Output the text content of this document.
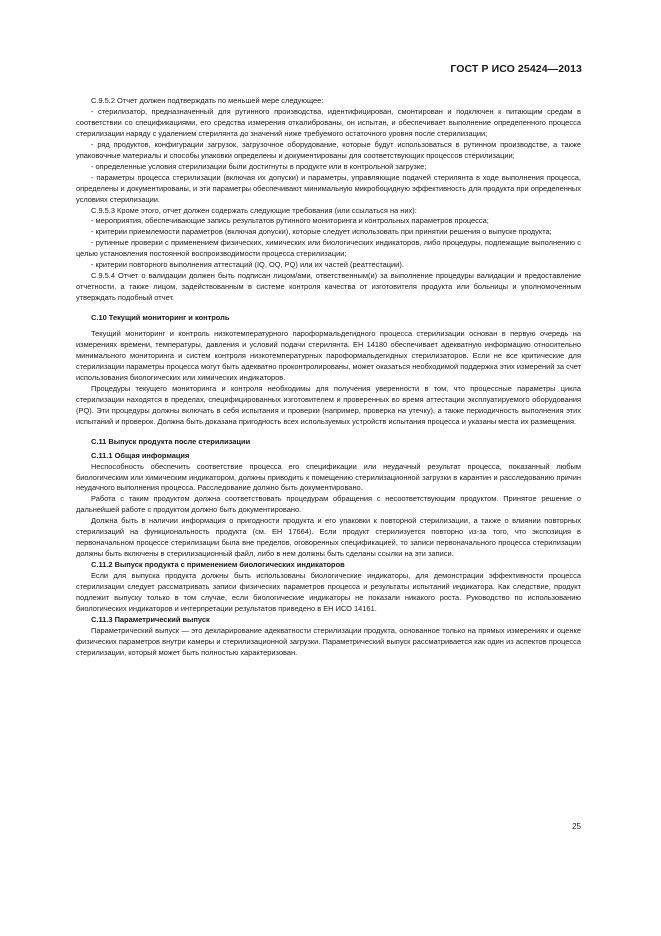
ГОСТ Р ИСО 25424—2013

С.9.5.2 Отчет должен подтверждать по меньшей мере следующее:

- стерилизатор, предназначенный для рутинного производства, идентифицирован, смонтирован и подключен к питающим средам в соответствии со спецификациями, его средства измерения откалиброваны, он испытан, и обеспечивает выполнение определенного процесса стерилизации наряду с удалением стерилянта до значений ниже требуемого остаточного уровня после стерилизации;

- ряд продуктов, конфигурации загрузок, загрузочное оборудование, которые будут использоваться в рутинном производстве, а также упаковочные материалы и способы упаковки определены и документированы для соответствующих процессов стерилизации;

- определенные условия стерилизации были достигнуты в продукте или в контрольной загрузке;

- параметры процесса стерилизации (включая их допуски) и параметры, управляющие подачей стерилянта в ходе выполнения процесса, определены и документированы, и эти параметры обеспечивают минимальную микробоцидную эффективность для продукта при определенных условиях стерилизации.

С.9.5.3 Кроме этого, отчет должен содержать следующие требования (или ссылаться на них):

- мероприятия, обеспечивающие запись результатов рутинного мониторинга и контрольных параметров процесса;

- критерии приемлемости параметров (включая допуски), которые следует использовать при принятии решения о выпуске продукта;

- рутинные проверки с применением физических, химических или биологических индикаторов, либо процедуры, подлежащие выполнению с целью установления постоянной воспроизводимости процесса стерилизации;

- критерии повторного выполнения аттестаций (IQ, OQ, PQ) или их частей (реаттестации).

С.9.5.4 Отчет о валидации должен быть подписан лицом/ами, ответственным(и) за выполнение процедуры валидации и предоставление отчетности, а также лицом, задействованным в системе контроля качества от изготовителя продукта или больницы и уполномоченным утверждать подобный отчет.

С.10 Текущий мониторинг и контроль

Текущий мониторинг и контроль низкотемпературного пароформальдегидного процесса стерилизации основан в первую очередь на измерениях времени, температуры, давления и условий подачи стерилянта. ЕН 14180 обеспечивает адекватную информацию относительно минимального мониторинга и систем контроля низкотемпературных пароформальдегидных стерилизаторов. Если не все критические для стерилизации параметры процесса могут быть адекватно проконтролированы, может оказаться необходимой поддержка этих измерений за счет использования биологических или химических индикаторов.

Процедуры текущего мониторинга и контроля необходимы для получения уверенности в том, что процессные параметры цикла стерилизации находятся в пределах, специфицированных изготовителем и проверенных во время аттестации эксплуатируемого оборудования (PQ). Эти процедуры должны включать в себя испытания и проверки (например, проверка на утечку), а также периодичность выполнения этих испытаний и проверок. Должна быть доказана пригодность всех используемых устройств испытания процесса и указаны места их размещения.

С.11 Выпуск продукта после стерилизации

С.11.1 Общая информация

Неспособность обеспечить соответствие процесса его спецификации или неудачный результат процесса, показанный любым биологическим или химическим индикатором, должны приводить к помещению стерилизационной загрузки в карантин и расследованию причин неудачного выполнения процесса. Расследование должно быть документировано.

Работа с таким продуктом должна соответствовать процедурам обращения с несоответствующим продуктом. Принятое решение о дальнейшей работе с продуктом должно быть документировано.

Должна быть в наличии информация о пригодности продукта и его упаковки к повторной стерилизации, а также о влиянии повторных стерилизаций на функциональность продукта (см. ЕН 17664). Если продукт стерилизуется повторно из-за того, что экспозиция в первоначальном процессе стерилизации была вне пределов, оговоренных спецификацией, то записи первоначального процесса стерилизации должны быть включены в стерилизационный файл, либо в нем должны быть сделаны ссылки на эти записи.

С.11.2 Выпуск продукта с применением биологических индикаторов

Если для выпуска продукта должны быть использованы биологические индикаторы, для демонстрации эффективности процесса стерилизации следует рассматривать записи физических параметров процесса и результаты испытаний индикатора. Как следствие, продукт подлежит выпуску только в том случае, если биологические индикаторы не показали никакого роста. Руководство по использованию биологических индикаторов и интерпретации результатов приведено в ЕН ИСО 14161.

С.11.3 Параметрический выпуск

Параметрический выпуск — это декларирование адекватности стерилизации продукта, основанное только на прямых измерениях и оценке физических параметров внутри камеры и стерилизационной загрузки. Параметрический выпуск рассматривается как один из аспектов процесса стерилизации, который может быть полностью характеризован.

25
